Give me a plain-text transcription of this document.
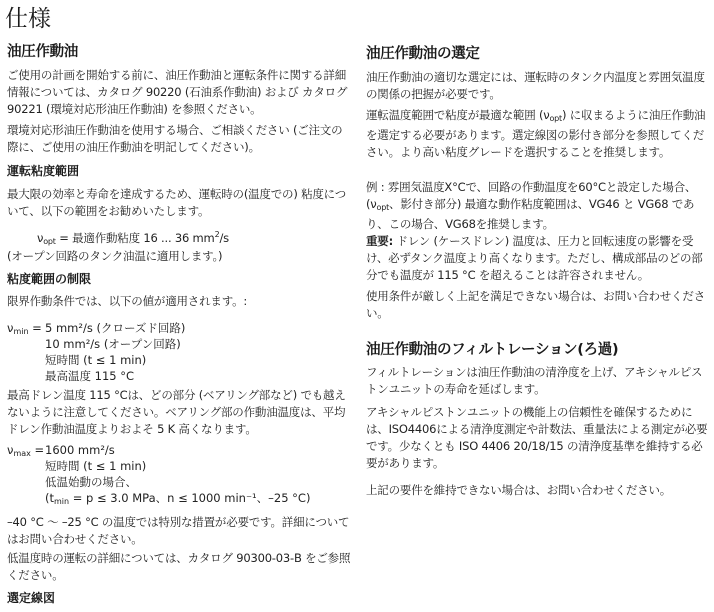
仕様
油圧作動油

ご使用の計画を開始する前に、油圧作動油と運転条件に関する詳細情報については、カタログ 90220 (石油系作動油) および カタログ 90221 (環境対応形油圧作動油) を参照ください。

環境対応形油圧作動油を使用する場合、ご相談ください (ご注文の際に、ご使用の油圧作動油を明記してください)。

運転粘度範囲

最大限の効率と寿命を達成するため、運転時の(温度での) 粘度について、以下の範囲をお勧めいたします。

$\nu_{opt}$ = 最適作動粘度 16 ... 36 $mm^2/s$

(オープン回路のタンク油温に適用します。)

粘度範囲の制限

限界作動条件では、以下の値が適用されます。:

$\nu_{min} = 5$ mm²/s (クローズド回路)
10 mm²/s (オープン回路)
短時間 (t ≤ 1 min)
最高温度 115 °C

最高ドレン温度 115 °Cは、どの部分 (ベアリング部など) でも越えないように注意してください。ベアリング部の作動油温度は、平均ドレン作動油温度よりおよそ 5 K 高くなります。

$\nu_{max} = 1600$ mm²/s
短時間 (t ≤ 1 min)
低温始動の場合、
($t_{min} = p \le 3.0$ MPa、n ≤ 1000 min⁻¹、–25 °C)

–40 °C 〜 –25 °C の温度では特別な措置が必要です。詳細についてはお問い合わせください。

低温度時の運転の詳細については、カタログ 90300-03-B をご参照ください。

選定線図
油圧作動油の選定

油圧作動油の適切な選定には、運転時のタンク内温度と雰囲気温度の関係の把握が必要です。

運転温度範囲で粘度が最適な範囲 $(\nu_{opt})$ に収まるように油圧作動油を選定する必要があります。選定線図の影付き部分を参照してください。より高い粘度グレードを選択することを推奨します。

例 : 雰囲気温度X°Cで、回路の作動温度を60°Cと設定した場合、($\nu_{opt}$、影付き部分) 最適な動作粘度範囲は、VG46 と VG68 であり、この場合、VG68を推奨します。

重要: ドレン (ケースドレン) 温度は、圧力と回転速度の影響を受け、必ずタンク温度より高くなります。ただし、構成部品のどの部分でも温度が 115 °C を超えることは許容されません。

使用条件が厳しく上記を満足できない場合は、お問い合わせください。

油圧作動油のフィルトレーション(ろ過)

フィルトレーションは油圧作動油の清浄度を上げ、アキシャルピストンユニットの寿命を延ばします。

アキシャルピストンユニットの機能上の信頼性を確保するためには、ISO4406による清浄度測定や計数法、重量法による測定が必要です。少なくとも ISO 4406 20/18/15 の清浄度基準を維持する必要があります。

上記の要件を維持できない場合は、お問い合わせください。
